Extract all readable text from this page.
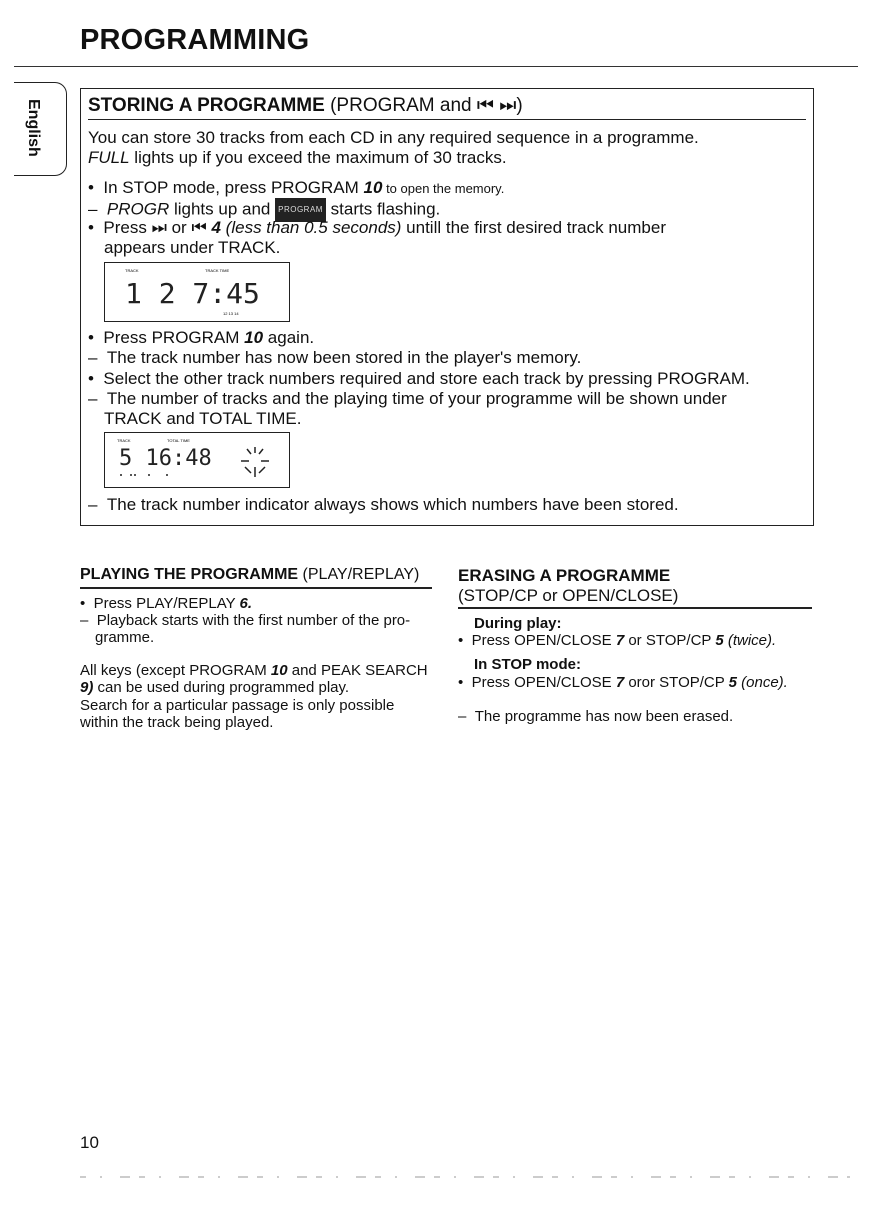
PROGRAMMING
English STORING A PROGRAMME (PROGRAM and ⏮ ⏭)
You can store 30 tracks from each CD in any required sequence in a programme.
FULL lights up if you exceed the maximum of 30 tracks.
•  In STOP mode, press PROGRAM 10 to open the memory.
–  PROGR lights up and PROGRAM starts flashing.
•  Press ⏭ or ⏮ 4 (less than 0.5 seconds) untill the first desired track number
appears under TRACK.
TRACK	TRACK TIME
1 2 7:45
12 13 14
•  Press PROGRAM 10 again.
–  The track number has now been stored in the player's memory.
•  Select the other track numbers required and store each track by pressing PROGRAM.
–  The number of tracks and the playing time of your programme will be shown under
TRACK and TOTAL TIME.
TRACK	TOTAL TIME
5 16:48
–  The track number indicator always shows which numbers have been stored.
PLAYING THE PROGRAMME (PLAY/REPLAY)
•  Press PLAY/REPLAY 6.
–  Playback starts with the first number of the pro-
gramme.
All keys (except PROGRAM 10 and PEAK SEARCH
9) can be used during programmed play.
Search for a particular passage is only possible
within the track being played.
ERASING A PROGRAMME
(STOP/CP or OPEN/CLOSE)
During play:
•  Press OPEN/CLOSE 7 or STOP/CP 5 (twice).
In STOP mode:
•  Press OPEN/CLOSE 7 oror STOP/CP 5 (once).
–  The programme has now been erased.
10
